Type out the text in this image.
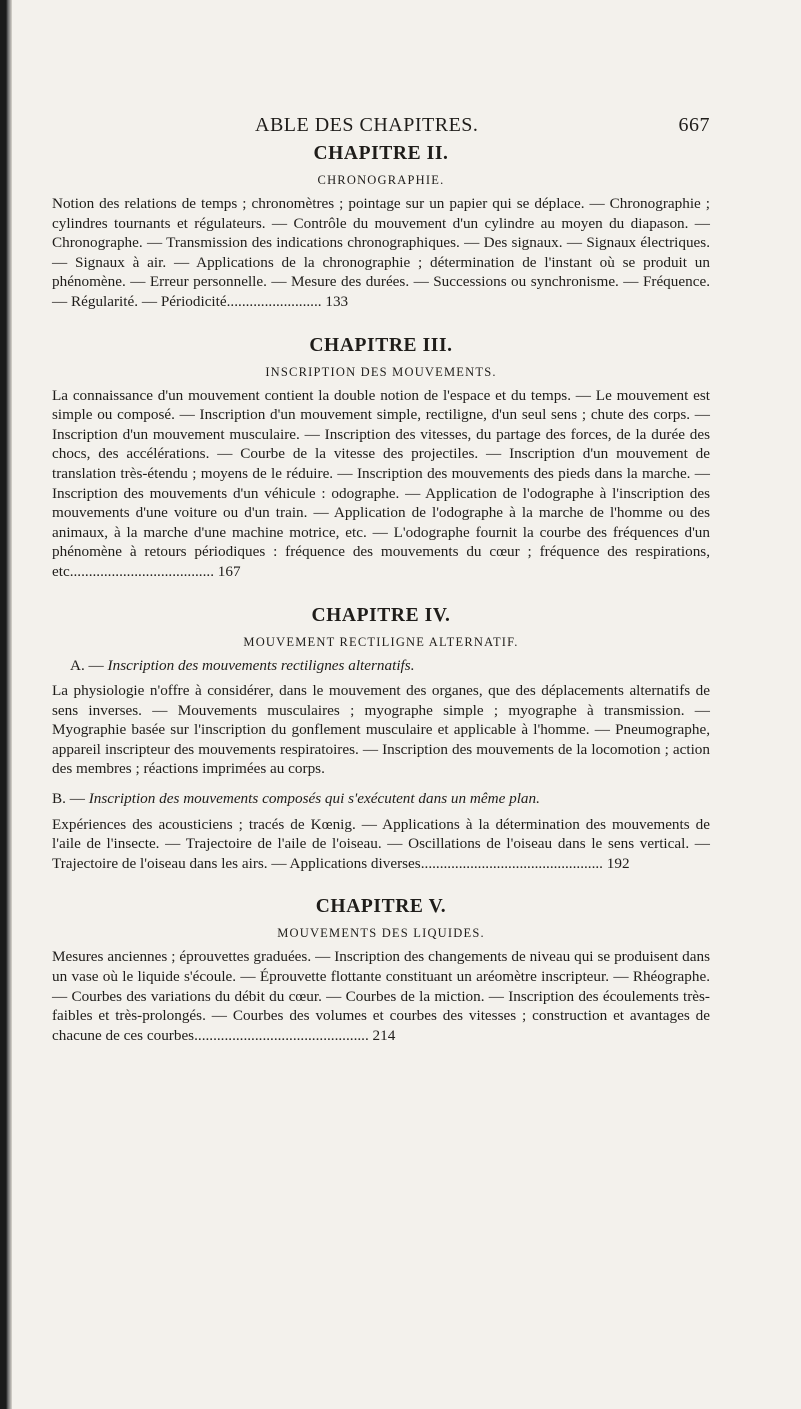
ABLE DES CHAPITRES.	667
CHAPITRE II.
CHRONOGRAPHIE.

Notion des relations de temps ; chronomètres ; pointage sur un papier qui se déplace. — Chronographie ; cylindres tournants et régulateurs. — Contrôle du mouvement d'un cylindre au moyen du diapason. — Chronographe. — Transmission des indications chronographiques. — Des signaux. — Signaux électriques. — Signaux à air. — Applications de la chronographie ; détermination de l'instant où se produit un phénomène. — Erreur personnelle. — Mesure des durées. — Successions ou synchronisme. — Fréquence. — Régularité. — Périodicité......................... 133

CHAPITRE III.
INSCRIPTION DES MOUVEMENTS.

La connaissance d'un mouvement contient la double notion de l'espace et du temps. — Le mouvement est simple ou composé. — Inscription d'un mouvement simple, rectiligne, d'un seul sens ; chute des corps. — Inscription d'un mouvement musculaire. — Inscription des vitesses, du partage des forces, de la durée des chocs, des accélérations. — Courbe de la vitesse des projectiles. — Inscription d'un mouvement de translation très-étendu ; moyens de le réduire. — Inscription des mouvements des pieds dans la marche. — Inscription des mouvements d'un véhicule : odographe. — Application de l'odographe à l'inscription des mouvements d'une voiture ou d'un train. — Application de l'odographe à la marche de l'homme ou des animaux, à la marche d'une machine motrice, etc. — L'odographe fournit la courbe des fréquences d'un phénomène à retours périodiques : fréquence des mouvements du cœur ; fréquence des respirations, etc...................................... 167

CHAPITRE IV.
MOUVEMENT RECTILIGNE ALTERNATIF.
A. — Inscription des mouvements rectilignes alternatifs.

La physiologie n'offre à considérer, dans le mouvement des organes, que des déplacements alternatifs de sens inverses. — Mouvements musculaires ; myographe simple ; myographe à transmission. — Myographie basée sur l'inscription du gonflement musculaire et applicable à l'homme. — Pneumographe, appareil inscripteur des mouvements respiratoires. — Inscription des mouvements de la locomotion ; action des membres ; réactions imprimées au corps.

B. — Inscription des mouvements composés qui s'exécutent dans un même plan.

Expériences des acousticiens ; tracés de Kœnig. — Applications à la détermination des mouvements de l'aile de l'insecte. — Trajectoire de l'aile de l'oiseau. — Oscillations de l'oiseau dans le sens vertical. — Trajectoire de l'oiseau dans les airs. — Applications diverses................................................ 192

CHAPITRE V.
MOUVEMENTS DES LIQUIDES.

Mesures anciennes ; éprouvettes graduées. — Inscription des changements de niveau qui se produisent dans un vase où le liquide s'écoule. — Éprouvette flottante constituant un aréomètre inscripteur. — Rhéographe. — Courbes des variations du débit du cœur. — Courbes de la miction. — Inscription des écoulements très-faibles et très-prolongés. — Courbes des volumes et courbes des vitesses ; construction et avantages de chacune de ces courbes.............................................. 214
